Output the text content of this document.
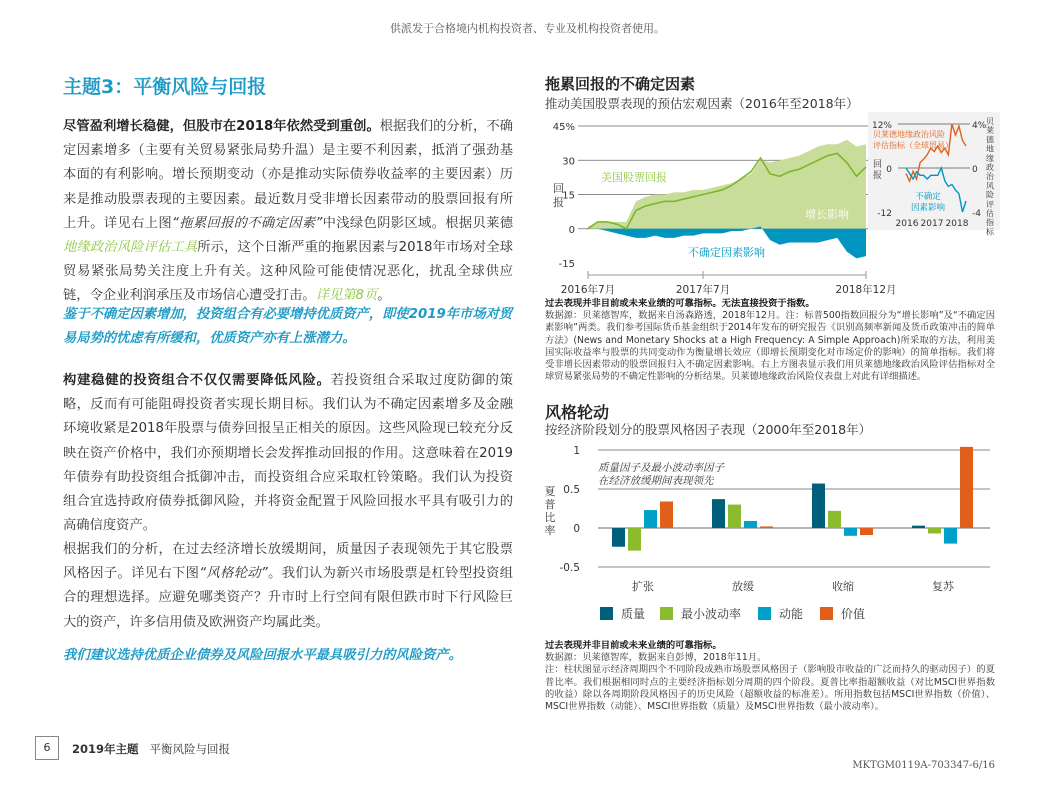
供派发于合格境内机构投资者、专业及机构投资者使用。
主题3：平衡风险与回报
尽管盈利增长稳健，但股市在2018年依然受到重创。根据我们的分析，不确定因素增多（主要有关贸易紧张局势升温）是主要不利因素，抵消了强劲基本面的有利影响。增长预期变动（亦是推动实际债券收益率的主要因素）历来是推动股票表现的主要因素。最近数月受非增长因素带动的股票回报有所上升。详见右上图“拖累回报的不确定因素”中浅绿色阴影区域。根据贝莱德地缘政治风险评估工具所示，这个日渐严重的拖累因素与2018年市场对全球贸易紧张局势关注度上升有关。这种风险可能使情况恶化，扰乱全球供应链，令企业利润承压及市场信心遭受打击。详见第8页。
鉴于不确定因素增加，投资组合有必要增持优质资产，即使2019年市场对贸易局势的忧虑有所缓和，优质资产亦有上涨潜力。
构建稳健的投资组合不仅仅需要降低风险。若投资组合采取过度防御的策略，反而有可能阻碍投资者实现长期目标。我们认为不确定因素增多及金融环境收紧是2018年股票与债券回报呈正相关的原因。这些风险现已较充分反映在资产价格中，我们亦预期增长会发挥推动回报的作用。这意味着在2019年债券有助投资组合抵御冲击，而投资组合应采取杠铃策略。我们认为投资组合宜选持政府债券抵御风险，并将资金配置于风险回报水平具有吸引力的高确信度资产。
根据我们的分析，在过去经济增长放缓期间，质量因子表现领先于其它股票风格因子。详见右下图“风格轮动”。我们认为新兴市场股票是杠铃型投资组合的理想选择。应避免哪类资产？升市时上行空间有限但跌市时下行风险巨大的资产，许多信用债及欧洲资产均属此类。
我们建议选持优质企业债券及风险回报水平最具吸引力的风险资产。
拖累回报的不确定因素
推动美国股票表现的预估宏观因素（2016年至2018年）
45%
30
15
0
-15
2016年7月	2017年7月	2018年12月
回
报
美国股票回报
增长影响
不确定因素影响
12%	4%
0	0
-12	-4
2016 2017 2018
贝莱德地缘政治风险
评估指标（全球贸易）
回
报
不确定
因素影响
贝
莱
德
地
缘
政
治
风
险
评
估
指
标
过去表现并非目前或未来业绩的可靠指标。无法直接投资于指数。
数据源：贝莱德智库，数据来自汤森路透，2018年12月。注：标普500指数回报分为“增长影响”及“不确定因素影响”两类。我们参考国际货币基金组织于2014年发布的研究报告《识别高频率新闻及货币政策冲击的简单方法》(News and Monetary Shocks at a High Frequency: A Simple Approach)所采取的方法，利用美国实际收益率与股票的共同变动作为衡量增长效应（即增长预期变化对市场定价的影响）的简单指标。我们将受非增长因素带动的股票回报归入不确定因素影响。右上方图表显示我们用贝莱德地缘政治风险评估指标对全球贸易紧张局势的不确定性影响的分析结果。贝莱德地缘政治风险仪表盘上对此有详细描述。
风格轮动
按经济阶段划分的股票风格因子表现（2000年至2018年）
1
0.5
0
-0.5
夏
普
比
率
质量因子及最小波动率因子
在经济放缓期间表现领先
扩张	放缓	收缩	复苏
质量	最小波动率	动能	价值
过去表现并非目前或未来业绩的可靠指标。
数据源：贝莱德智库，数据来自彭博，2018年11月。
注：柱状图显示经济周期四个不同阶段成熟市场股票风格因子（影响股市收益的广泛而持久的驱动因子）的夏普比率。我们根据相同时点的主要经济指标划分周期的四个阶段。夏普比率指超额收益（对比MSCI世界指数的收益）除以各周期阶段风格因子的历史风险（超额收益的标准差）。所用指数包括MSCI世界指数（价值）、MSCI世界指数（动能）、MSCI世界指数（质量）及MSCI世界指数（最小波动率）。
6	2019年主题 平衡风险与回报
MKTGM0119A-703347-6/16
